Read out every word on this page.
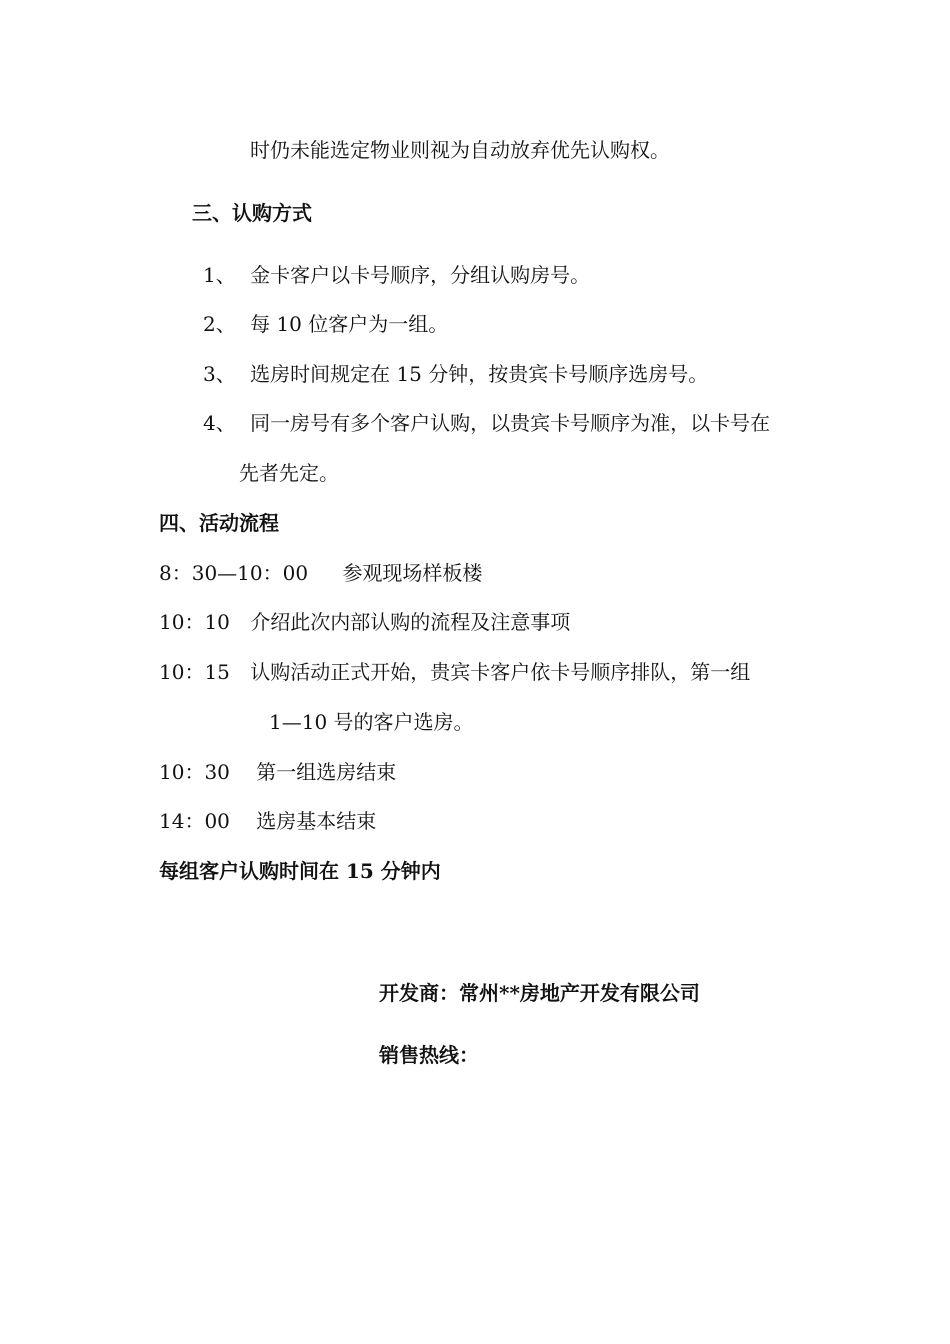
时仍未能选定物业则视为自动放弃优先认购权。
三、认购方式
1、 金卡客户以卡号顺序，分组认购房号。
2、 每 10 位客户为一组。
3、 选房时间规定在 15 分钟，按贵宾卡号顺序选房号。
4、 同一房号有多个客户认购，以贵宾卡号顺序为准，以卡号在
先者先定。
四、活动流程
8：30—10：00 参观现场样板楼
10：10 介绍此次内部认购的流程及注意事项
10：15 认购活动正式开始，贵宾卡客户依卡号顺序排队，第一组
1—10 号的客户选房。
10：30 第一组选房结束
14：00 选房基本结束
每组客户认购时间在 15 分钟内
开发商：常州**房地产开发有限公司
销售热线：
